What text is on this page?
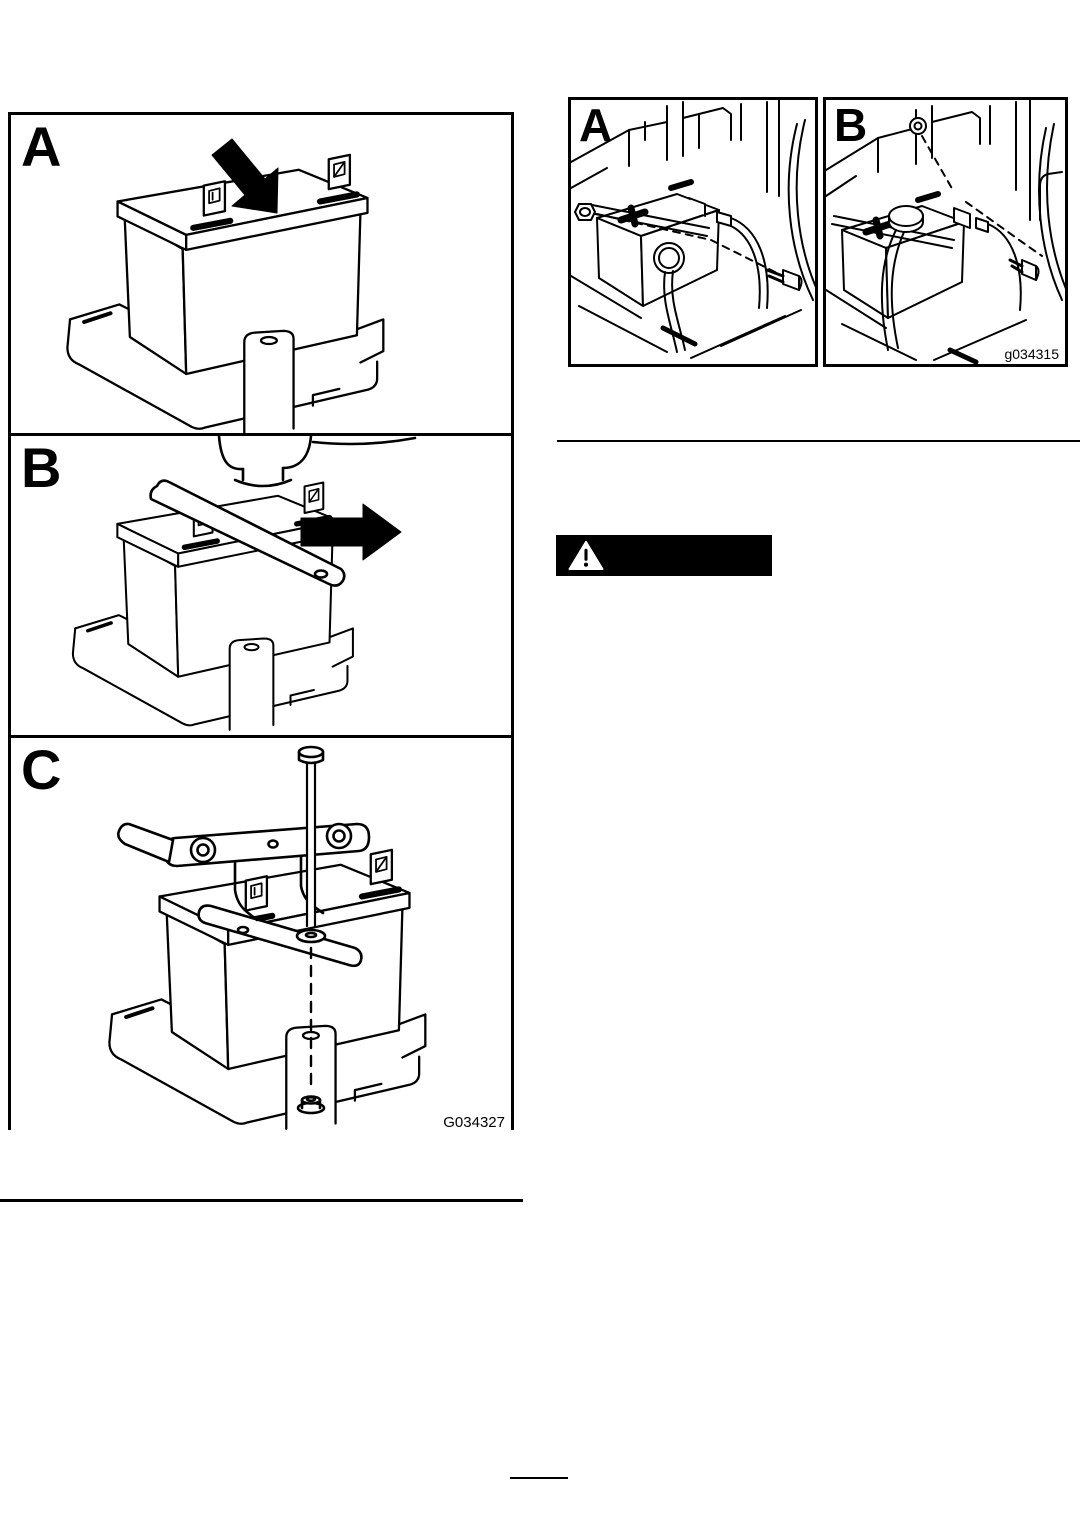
A
B
C
G034327
A	B
g034315
